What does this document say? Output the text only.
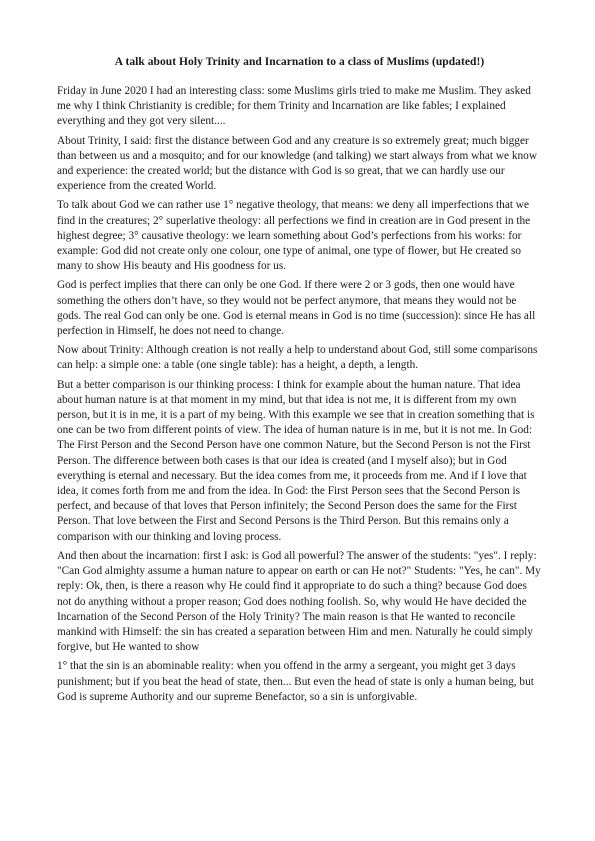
A talk about Holy Trinity and Incarnation to a class of Muslims (updated!)

Friday in June 2020 I had an interesting class: some Muslims girls tried to make me Muslim. They asked me why I think Christianity is credible; for them Trinity and Incarnation are like fables; I explained everything and they got very silent....

About Trinity, I said: first the distance between God and any creature is so extremely great; much bigger than between us and a mosquito; and for our knowledge (and talking) we start always from what we know and experience: the created world; but the distance with God is so great, that we can hardly use our experience from the created World.

To talk about God we can rather use 1° negative theology, that means: we deny all imperfections that we find in the creatures; 2° superlative theology: all perfections we find in creation are in God present in the highest degree; 3° causative theology: we learn something about God’s perfections from his works: for example: God did not create only one colour, one type of animal, one type of flower, but He created so many to show His beauty and His goodness for us.

God is perfect implies that there can only be one God. If there were 2 or 3 gods, then one would have something the others don’t have, so they would not be perfect anymore, that means they would not be gods. The real God can only be one. God is eternal means in God is no time (succession): since He has all perfection in Himself, he does not need to change.

Now about Trinity: Although creation is not really a help to understand about God, still some comparisons can help: a simple one: a table (one single table): has a height, a depth, a length.

But a better comparison is our thinking process: I think for example about the human nature. That idea about human nature is at that moment in my mind, but that idea is not me, it is different from my own person, but it is in me, it is a part of my being. With this example we see that in creation something that is one can be two from different points of view. The idea of human nature is in me, but it is not me. In God: The First Person and the Second Person have one common Nature, but the Second Person is not the First Person. The difference between both cases is that our idea is created (and I myself also); but in God everything is eternal and necessary. But the idea comes from me, it proceeds from me. And if I love that idea, it comes forth from me and from the idea. In God: the First Person sees that the Second Person is perfect, and because of that loves that Person infinitely; the Second Person does the same for the First Person. That love between the First and Second Persons is the Third Person. But this remains only a comparison with our thinking and loving process.

And then about the incarnation: first I ask: is God all powerful? The answer of the students: "yes". I reply: "Can God almighty assume a human nature to appear on earth or can He not?" Students: "Yes, he can". My reply: Ok, then, is there a reason why He could find it appropriate to do such a thing? because God does not do anything without a proper reason; God does nothing foolish. So, why would He have decided the Incarnation of the Second Person of the Holy Trinity? The main reason is that He wanted to reconcile mankind with Himself: the sin has created a separation between Him and men. Naturally he could simply forgive, but He wanted to show

1° that the sin is an abominable reality: when you offend in the army a sergeant, you might get 3 days punishment; but if you beat the head of state, then... But even the head of state is only a human being, but God is supreme Authority and our supreme Benefactor, so a sin is unforgivable.
